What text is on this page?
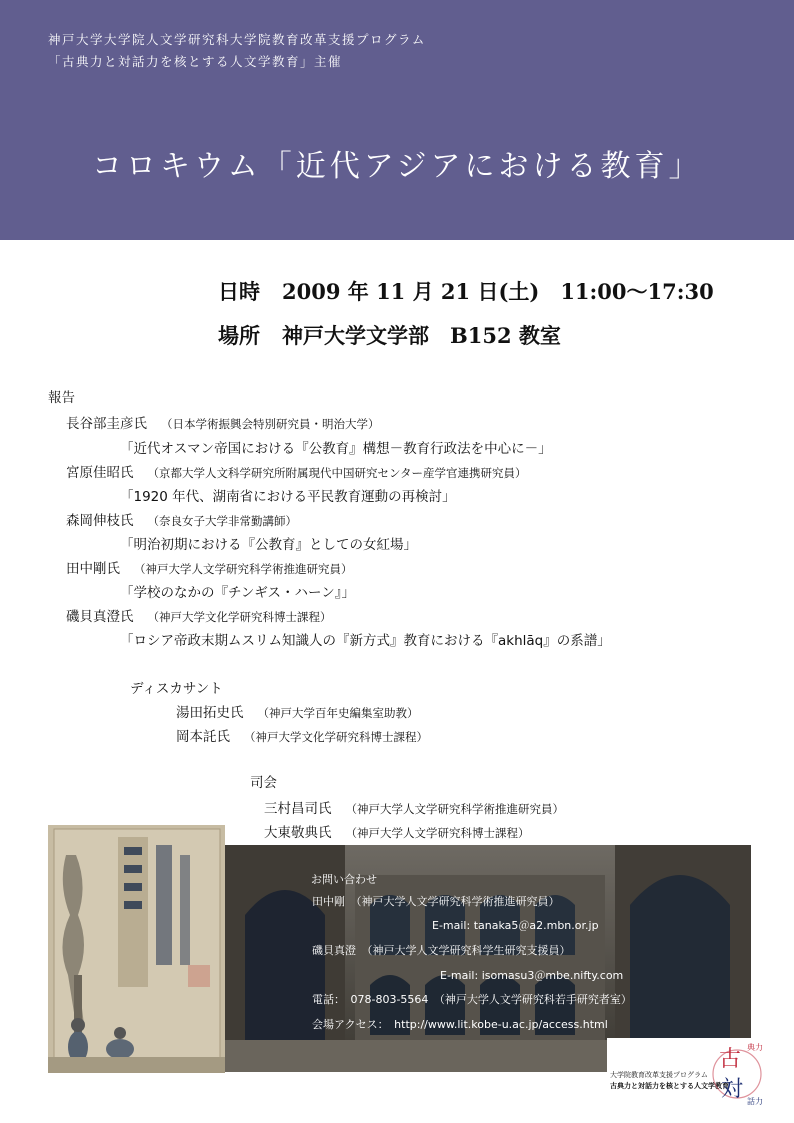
神戸大学大学院人文学研究科大学院教育改革支援プログラム
「古典力と対話力を核とする人文学教育」主催
コロキウム「近代アジアにおける教育」
日時 2009 年 11 月 21 日(土)　11:00～17:30
場所 神戸大学文学部　B152 教室
報告
長谷部圭彦氏 （日本学術振興会特別研究員・明治大学）
「近代オスマン帝国における『公教育』構想－教育行政法を中心に－」
宮原佳昭氏 （京都大学人文科学研究所附属現代中国研究センター産学官連携研究員）
「1920 年代、湖南省における平民教育運動の再検討」
森岡伸枝氏 （奈良女子大学非常勤講師）
「明治初期における『公教育』としての女紅場」
田中剛氏 （神戸大学人文学研究科学術推進研究員）
「学校のなかの『チンギス・ハーン』」
磯貝真澄氏 （神戸大学文化学研究科博士課程）
「ロシア帝政末期ムスリム知識人の『新方式』教育における『akhlāq』の系譜」
ディスカサント
湯田拓史氏 （神戸大学百年史編集室助教）
岡本託氏 （神戸大学文化学研究科博士課程）
司会
三村昌司氏 （神戸大学人文学研究科学術推進研究員）
大東敬典氏 （神戸大学人文学研究科博士課程）
お問い合わせ
田中剛　（神戸大学人文学研究科学術推進研究員）
E-mail: tanaka5＠a2.mbn.or.jp
磯貝真澄　（神戸大学人文学研究科学生研究支援員）
E-mail: isomasu3＠mbe.nifty.com
電話：　078-803-5564　（神戸大学人文学研究科若手研究者室）
会場アクセス：　http://www.lit.kobe-u.ac.jp/access.html
大学院教育改革支援プログラム
古典力と対話力を核とする人文学教育
古
対
典力
話力
